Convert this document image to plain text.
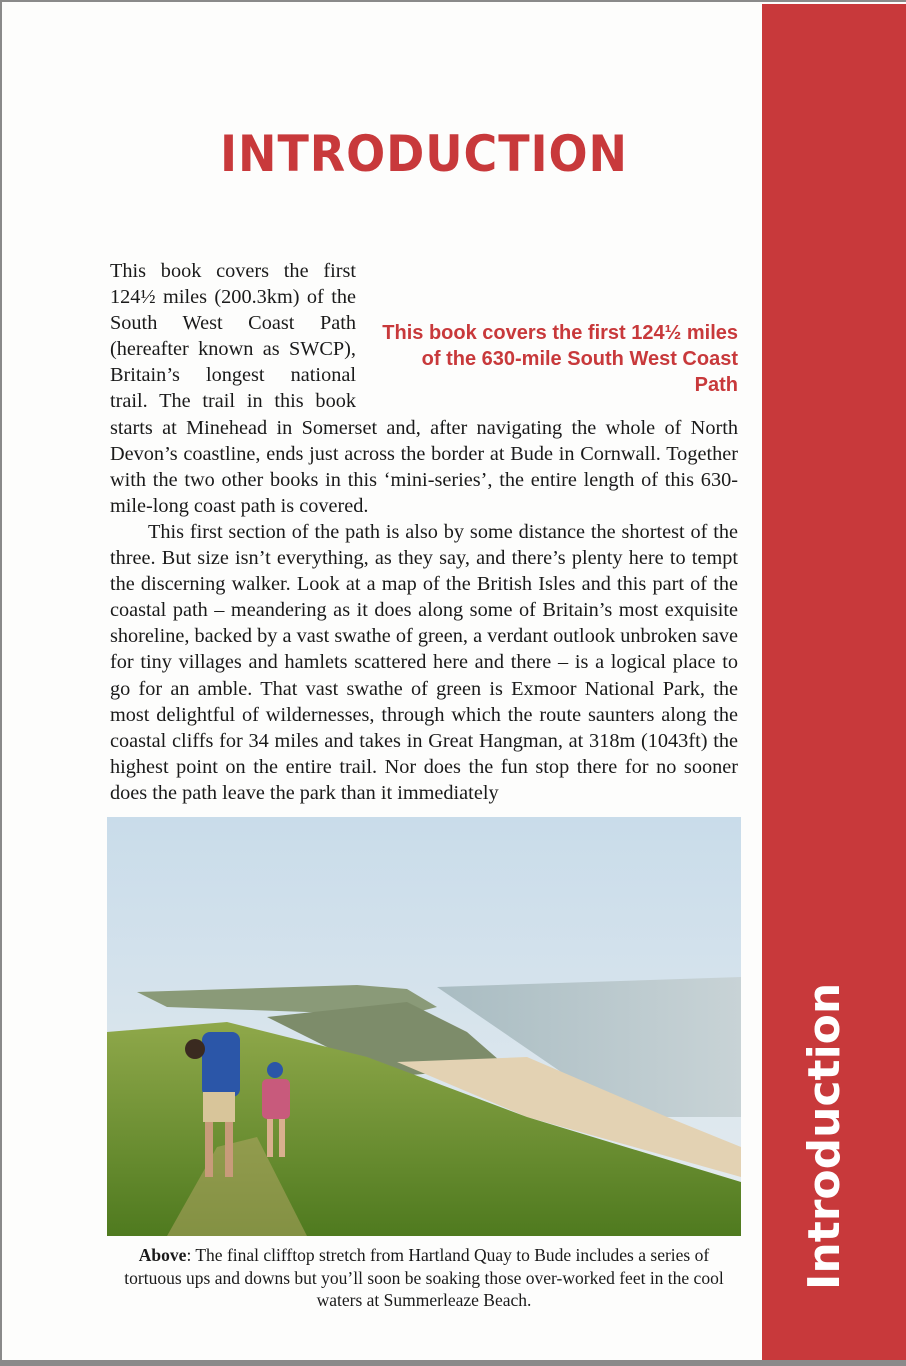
Introduction
INTRODUCTION
This book covers the first 124½ miles of the 630-mile South West Coast Path

This book covers the first 124½ miles (200.3km) of the South West Coast Path (hereafter known as SWCP), Britain’s longest national trail. The trail in this book starts at Minehead in Somerset and, after navigating the whole of North Devon’s coastline, ends just across the border at Bude in Cornwall. Together with the two other books in this ‘mini-series’, the entire length of this 630-mile-long coast path is covered.

This first section of the path is also by some distance the shortest of the three. But size isn’t everything, as they say, and there’s plenty here to tempt the discerning walker. Look at a map of the British Isles and this part of the coastal path – meandering as it does along some of Britain’s most exquisite shoreline, backed by a vast swathe of green, a verdant outlook unbroken save for tiny villages and hamlets scattered here and there – is a logical place to go for an amble. That vast swathe of green is Exmoor National Park, the most delightful of wildernesses, through which the route saunters along the coastal cliffs for 34 miles and takes in Great Hangman, at 318m (1043ft) the highest point on the entire trail. Nor does the fun stop there for no sooner does the path leave the park than it immediately

Above: The final clifftop stretch from Hartland Quay to Bude includes a series of tortuous ups and downs but you’ll soon be soaking those over-worked feet in the cool waters at Summerleaze Beach.
